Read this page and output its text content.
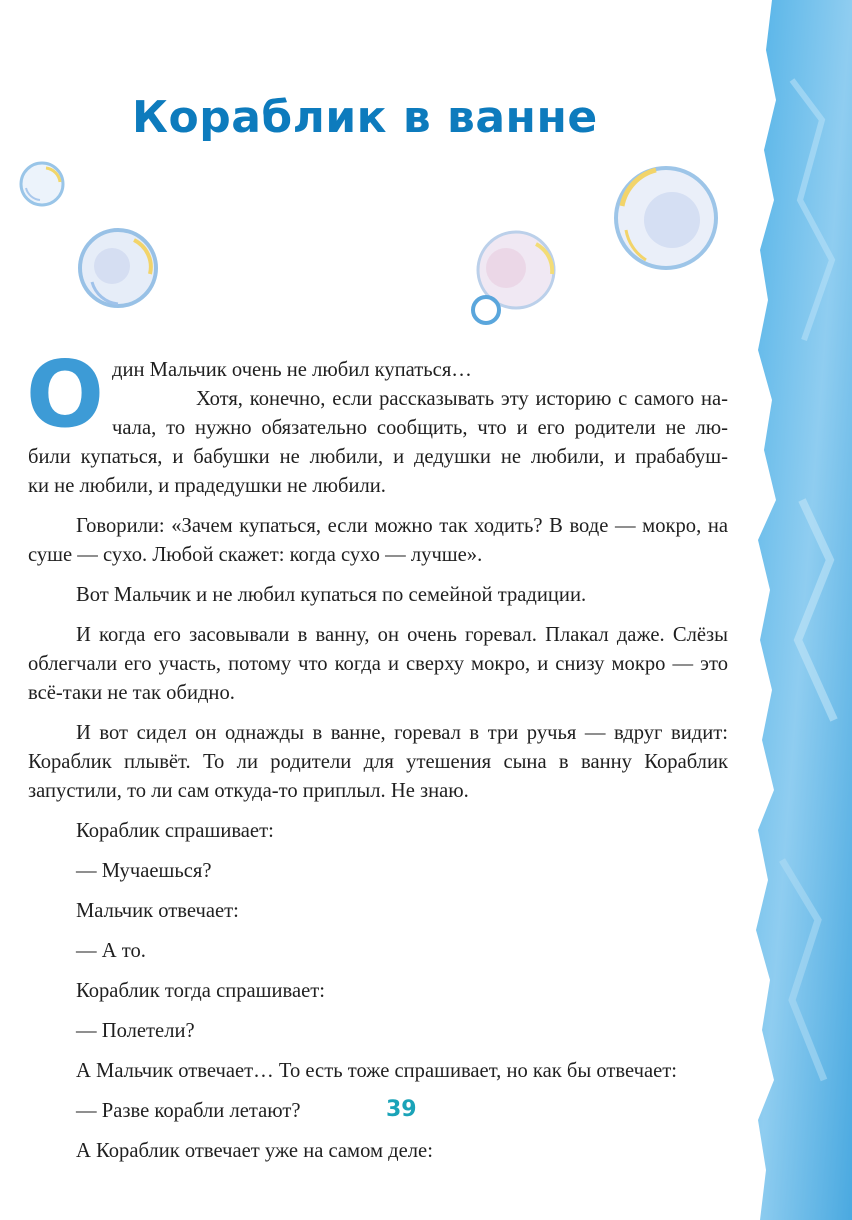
Кораблик в ванне
О дин Мальчик очень не любил купаться…
Хотя, конечно, если рассказывать эту историю с самого на-
чала, то нужно обязательно сообщить, что и его родители не лю-
били купаться, и бабушки не любили, и дедушки не любили, и прабабуш-
ки не любили, и прадедушки не любили.

Говорили: «Зачем купаться, если можно так ходить? В воде — мокро, на суше — сухо. Любой скажет: когда сухо — лучше».

Вот Мальчик и не любил купаться по семейной традиции.

И когда его засовывали в ванну, он очень горевал. Плакал даже. Слёзы облегчали его участь, потому что когда и сверху мокро, и снизу мокро — это всё-таки не так обидно.

И вот сидел он однажды в ванне, горевал в три ручья — вдруг видит: Кораблик плывёт. То ли родители для утешения сына в ванну Кораблик запустили, то ли сам откуда-то приплыл. Не знаю.

Кораблик спрашивает:

— Мучаешься?

Мальчик отвечает:

— А то.

Кораблик тогда спрашивает:

— Полетели?

А Мальчик отвечает… То есть тоже спрашивает, но как бы отвечает:

— Разве корабли летают?

А Кораблик отвечает уже на самом деле:

39
